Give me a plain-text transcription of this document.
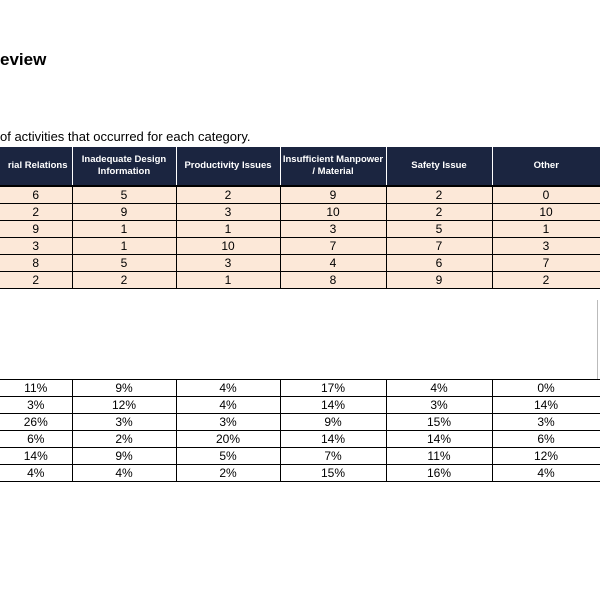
eview
of activities that occurred for each category.
rial Relations	Inadequate Design Information	Productivity Issues	Insufficient Manpower / Material	Safety Issue	Other

6	5	2	9	2	0
2	9	3	10	2	10
9	1	1	3	5	1
3	1	10	7	7	3
8	5	3	4	6	7
2	2	1	8	9	2
11%	9%	4%	17%	4%	0%
3%	12%	4%	14%	3%	14%
26%	3%	3%	9%	15%	3%
6%	2%	20%	14%	14%	6%
14%	9%	5%	7%	11%	12%
4%	4%	2%	15%	16%	4%
